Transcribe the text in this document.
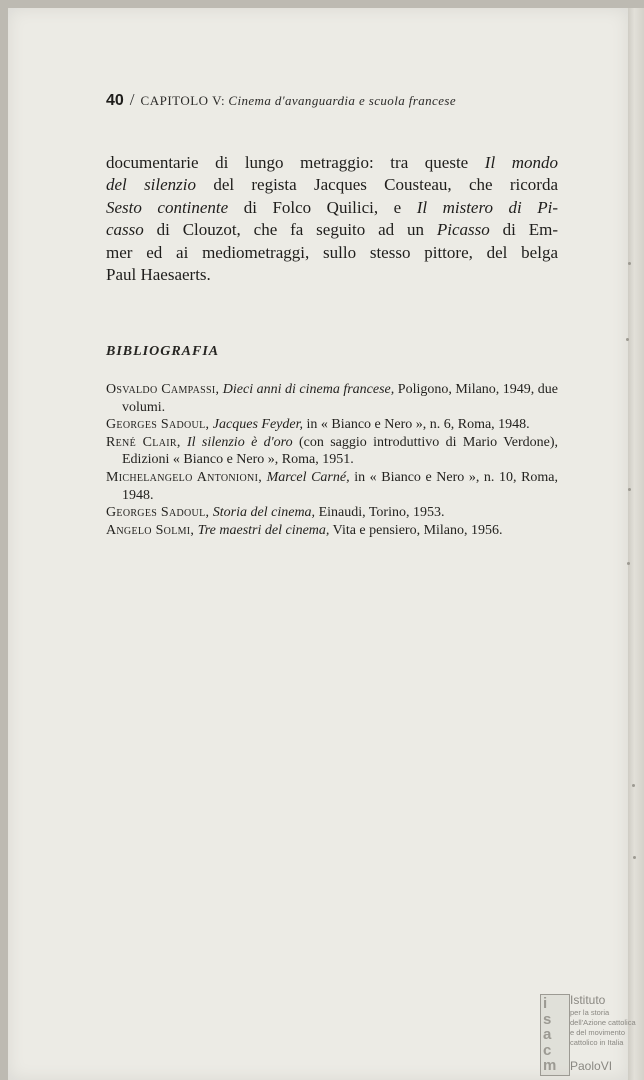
40 / CAPITOLO V: Cinema d'avanguardia e scuola francese
documentarie di lungo metraggio: tra queste Il mondo
del silenzio del regista Jacques Cousteau, che ricorda
Sesto continente di Folco Quilici, e Il mistero di Pi-
casso di Clouzot, che fa seguito ad un Picasso di Em-
mer ed ai mediometraggi, sullo stesso pittore, del belga
Paul Haesaerts.
BIBLIOGRAFIA

Osvaldo Campassi, Dieci anni di cinema francese, Poligono, Milano, 1949, due volumi.

Georges Sadoul, Jacques Feyder, in « Bianco e Nero », n. 6, Roma, 1948.

René Clair, Il silenzio è d'oro (con saggio introduttivo di Mario Verdone), Edizioni « Bianco e Nero », Roma, 1951.

Michelangelo Antonioni, Marcel Carné, in « Bianco e Nero », n. 10, Roma, 1948.

Georges Sadoul, Storia del cinema, Einaudi, Torino, 1953.

Angelo Solmi, Tre maestri del cinema, Vita e pensiero, Milano, 1956.

i
s
a
c
m
Istituto
per la storia
dell'Azione cattolica
e del movimento
cattolico in Italia
PaoloVI
